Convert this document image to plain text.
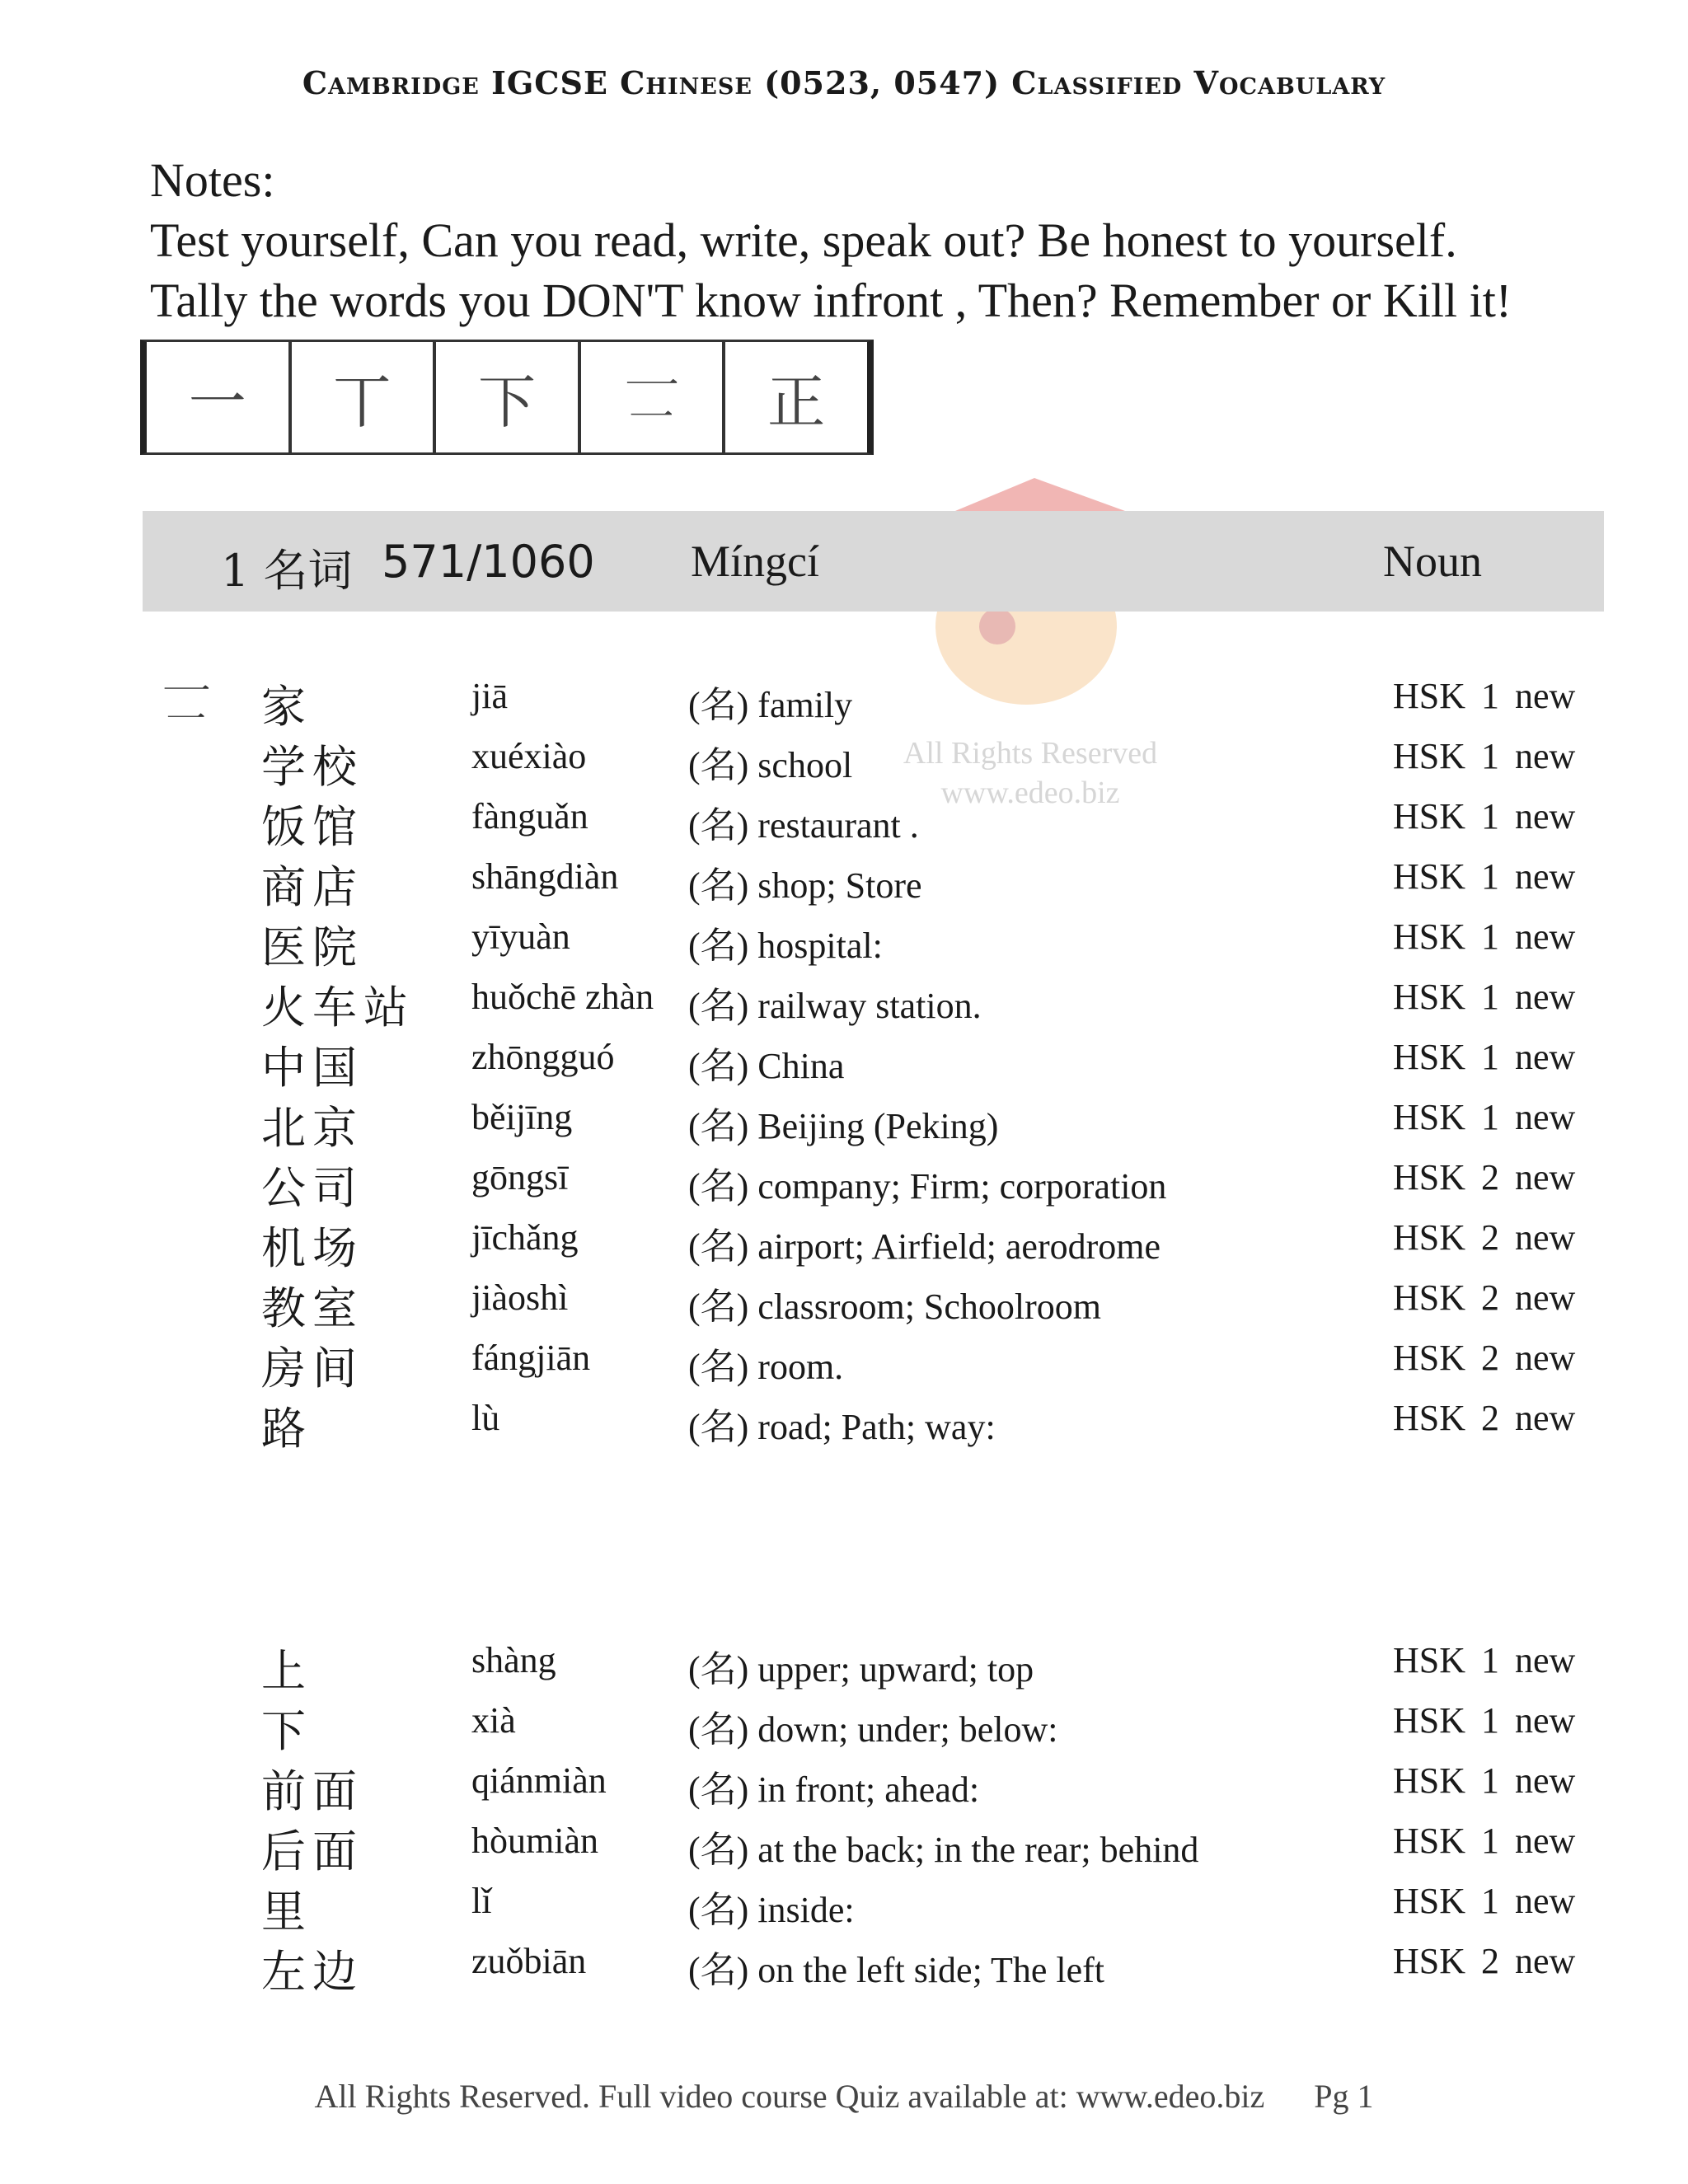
Cambridge IGCSE Chinese (0523, 0547) Classified Vocabulary
Notes:
Test yourself, Can you read, write, speak out? Be honest to yourself.
Tally the words you DON'T know infront , Then? Remember or Kill it!
一	丅	下	𠄟	正
1 名词 571/1060 Míngcí	Noun
All Rights Reserved
www.edeo.biz
𠄟 家	jiā	(名) family	HSK 1 new
学校	xuéxiào	(名) school	HSK 1 new
饭馆	fànguǎn	(名) restaurant .	HSK 1 new
商店	shāngdiàn (名) shop; Store	HSK 1 new
医院	yīyuàn	(名) hospital:	HSK 1 new
火车站 huǒchē zhàn (名) railway station.	HSK 1 new
中国	zhōngguó (名) China	HSK 1 new
北京	běijīng	(名) Beijing (Peking)	HSK 1 new
公司	gōngsī	(名) company; Firm; corporation	HSK 2 new
机场	jīchǎng	(名) airport; Airfield; aerodrome	HSK 2 new
教室	jiàoshì	(名) classroom; Schoolroom	HSK 2 new
房间	fángjiān	(名) room.	HSK 2 new
路	lù	(名) road; Path; way:	HSK 2 new
上	shàng	(名) upper; upward; top	HSK 1 new
下	xià	(名) down; under; below:	HSK 1 new
前面	qiánmiàn (名) in front; ahead:	HSK 1 new
后面	hòumiàn (名) at the back; in the rear; behind	HSK 1 new
里	lǐ	(名) inside:	HSK 1 new
左边	zuǒbiān	(名) on the left side; The left	HSK 2 new
All Rights Reserved. Full video course Quiz available at: www.edeo.biz Pg 1
